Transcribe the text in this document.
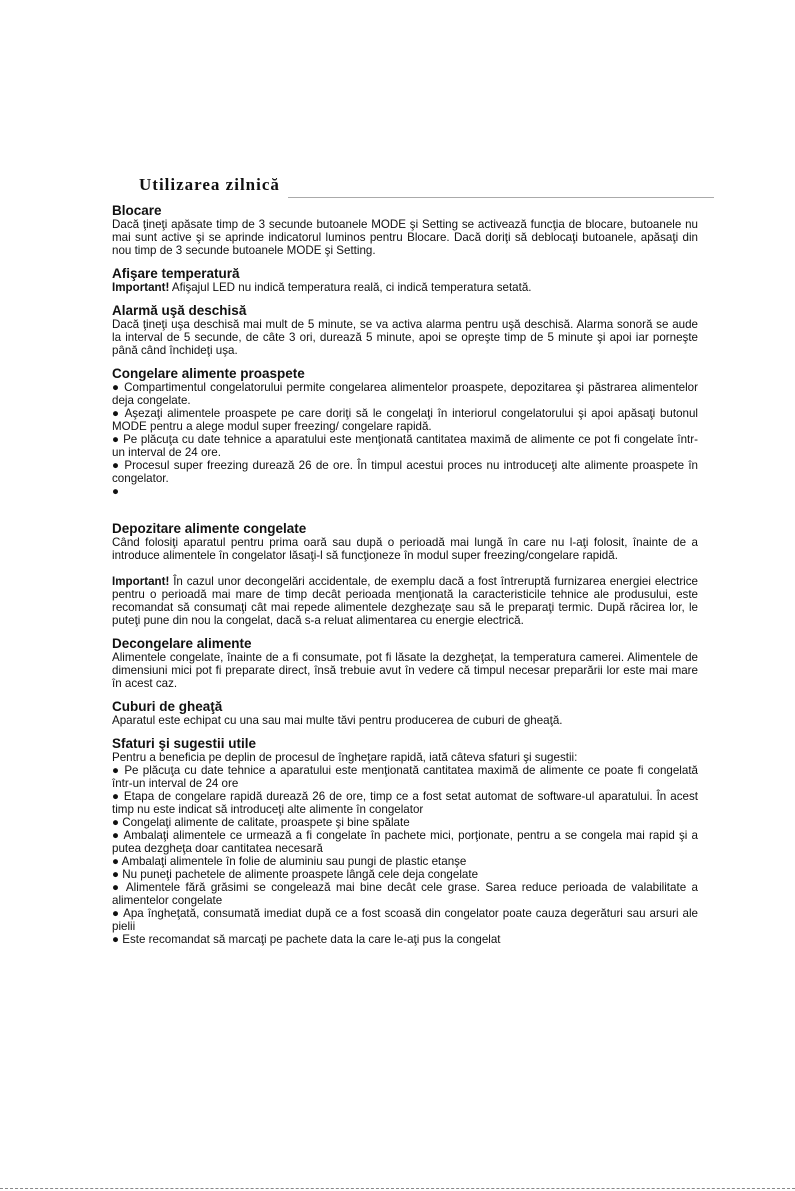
Utilizarea zilnică
Blocare

Dacă ţineţi apăsate timp de 3 secunde butoanele MODE şi Setting se activează funcţia de blocare, butoanele nu mai sunt active şi se aprinde indicatorul luminos pentru Blocare. Dacă doriţi să deblocaţi butoanele, apăsaţi din nou timp de 3 secunde butoanele MODE şi Setting.

Afişare temperatură

Important! Afişajul LED nu indică temperatura reală, ci indică temperatura setată.

Alarmă uşă deschisă

Dacă ţineţi uşa deschisă mai mult de 5 minute, se va activa alarma pentru uşă deschisă. Alarma sonoră se aude la interval de 5 secunde, de câte 3 ori, durează 5 minute, apoi se opreşte timp de 5 minute şi apoi iar porneşte până când închideţi uşa.

Congelare alimente proaspete

● Compartimentul congelatorului permite congelarea alimentelor proaspete, depozitarea şi păstrarea alimentelor deja congelate.

● Aşezaţi alimentele proaspete pe care doriţi să le congelaţi în interiorul congelatorului şi apoi apăsaţi butonul MODE pentru a alege modul super freezing/ congelare rapidă.

● Pe plăcuţa cu date tehnice a aparatului este menţionată cantitatea maximă de alimente ce pot fi congelate într-un interval de 24 ore.

● Procesul super freezing durează 26 de ore. În timpul acestui proces nu introduceţi alte alimente proaspete în congelator.

●
Depozitare alimente congelate

Când folosiţi aparatul pentru prima oară sau după o perioadă mai lungă în care nu l-aţi folosit, înainte de a introduce alimentele în congelator lăsaţi-l să funcţioneze în modul super freezing/congelare rapidă.

Important! În cazul unor decongelări accidentale, de exemplu dacă a fost întreruptă furnizarea energiei electrice pentru o perioadă mai mare de timp decât perioada menţionată la caracteristicile tehnice ale produsului, este recomandat să consumaţi cât mai repede alimentele dezghezaţe sau să le preparaţi termic. După răcirea lor, le puteţi pune din nou la congelat, dacă s-a reluat alimentarea cu energie electrică.

Decongelare alimente

Alimentele congelate, înainte de a fi consumate, pot fi lăsate la dezgheţat, la temperatura camerei. Alimentele de dimensiuni mici pot fi preparate direct, însă trebuie avut în vedere că timpul necesar preparării lor este mai mare în acest caz.

Cuburi de gheaţă

Aparatul este echipat cu una sau mai multe tăvi pentru producerea de cuburi de gheaţă.

Sfaturi şi sugestii utile

Pentru a beneficia pe deplin de procesul de îngheţare rapidă, iată câteva sfaturi şi sugestii:

● Pe plăcuţa cu date tehnice a aparatului este menţionată cantitatea maximă de alimente ce poate fi congelată într-un interval de 24 ore

● Etapa de congelare rapidă durează 26 de ore, timp ce a fost setat automat de software-ul aparatului. În acest timp nu este indicat să introduceţi alte alimente în congelator

● Congelaţi alimente de calitate, proaspete şi bine spălate

● Ambalaţi alimentele ce urmează a fi congelate în pachete mici, porţionate, pentru a se congela mai rapid şi a putea dezgheţa doar cantitatea necesară

● Ambalaţi alimentele în folie de aluminiu sau pungi de plastic etanşe

● Nu puneţi pachetele de alimente proaspete lângă cele deja congelate

● Alimentele fără grăsimi se congelează mai bine decât cele grase. Sarea reduce perioada de valabilitate a alimentelor congelate

● Apa îngheţată, consumată imediat după ce a fost scoasă din congelator poate cauza degerături sau arsuri ale pielii

● Este recomandat să marcaţi pe pachete data la care le-aţi pus la congelat
